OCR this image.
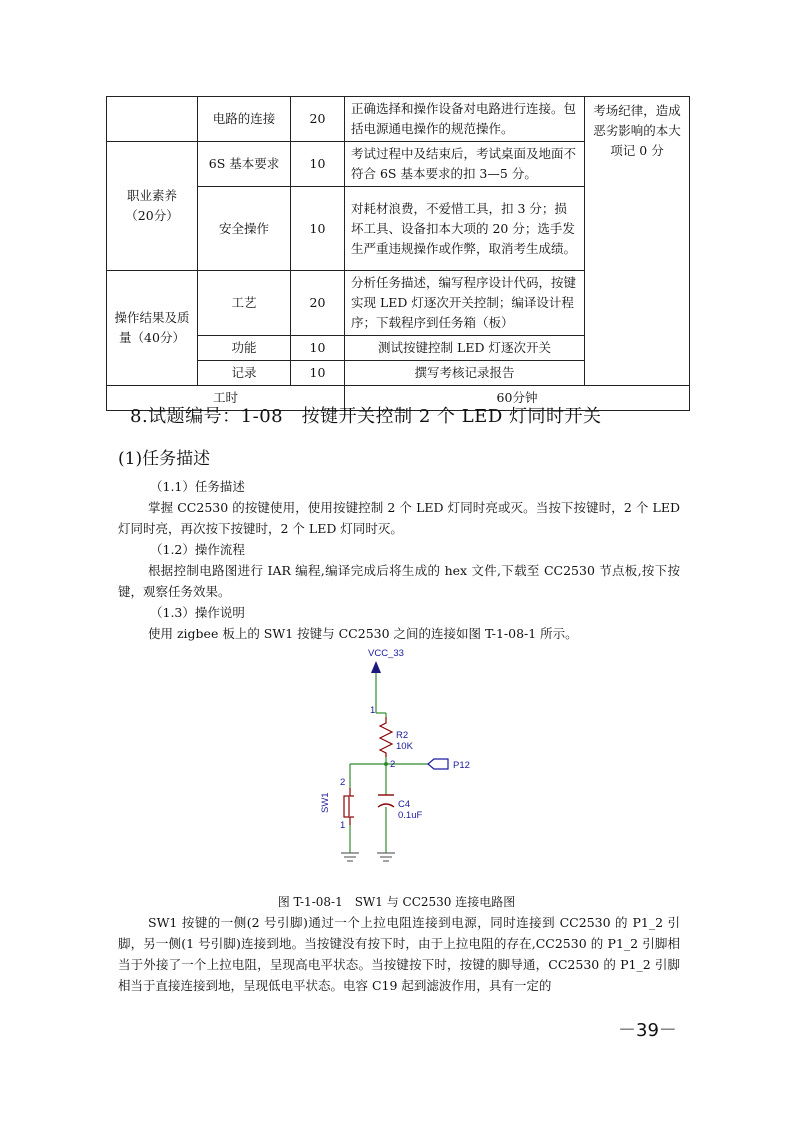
	电路的连接	20	正确选择和操作设备对电路进行连接。包括电源通电操作的规范操作。	考场纪律，造成恶劣影响的本大项记 0 分
职业素养（20分）	6S 基本要求	10	考试过程中及结束后，考试桌面及地面不符合 6S 基本要求的扣 3—5 分。	
	安全操作	10	对耗材浪费，不爱惜工具，扣 3 分；损坏工具、设备扣本大项的 20 分；选手发生严重违规操作或作弊，取消考生成绩。	
操作结果及质量（40分）	工艺	20	分析任务描述，编写程序设计代码，按键实现 LED 灯逐次开关控制；编译设计程序；下载程序到任务箱（板）	
	功能	10	测试按键控制 LED 灯逐次开关	
	记录	10	撰写考核记录报告	
工时			60分钟	
8.试题编号：1-08　按键开关控制 2 个 LED 灯同时开关
(1)任务描述
（1.1）任务描述

掌握 CC2530 的按键使用，使用按键控制 2 个 LED 灯同时亮或灭。当按下按键时，2 个 LED 灯同时亮，再次按下按键时，2 个 LED 灯同时灭。

（1.2）操作流程

根据控制电路图进行 IAR 编程,编译完成后将生成的 hex 文件,下载至 CC2530 节点板,按下按键，观察任务效果。

（1.3）操作说明

使用 zigbee 板上的 SW1 按键与 CC2530 之间的连接如图 T-1-08-1 所示。

VCC_33
1
R2
10K
2	P12
SW1
2
1
C4
0.1uF
图 T-1-08-1　SW1 与 CC2530 连接电路图

SW1 按键的一侧(2 号引脚)通过一个上拉电阻连接到电源，同时连接到 CC2530 的 P1_2 引脚，另一侧(1 号引脚)连接到地。当按键没有按下时，由于上拉电阻的存在,CC2530 的 P1_2 引脚相当于外接了一个上拉电阻，呈现高电平状态。当按键按下时，按键的脚导通，CC2530 的 P1_2 引脚相当于直接连接到地，呈现低电平状态。电容 C19 起到滤波作用，具有一定的

－39－
